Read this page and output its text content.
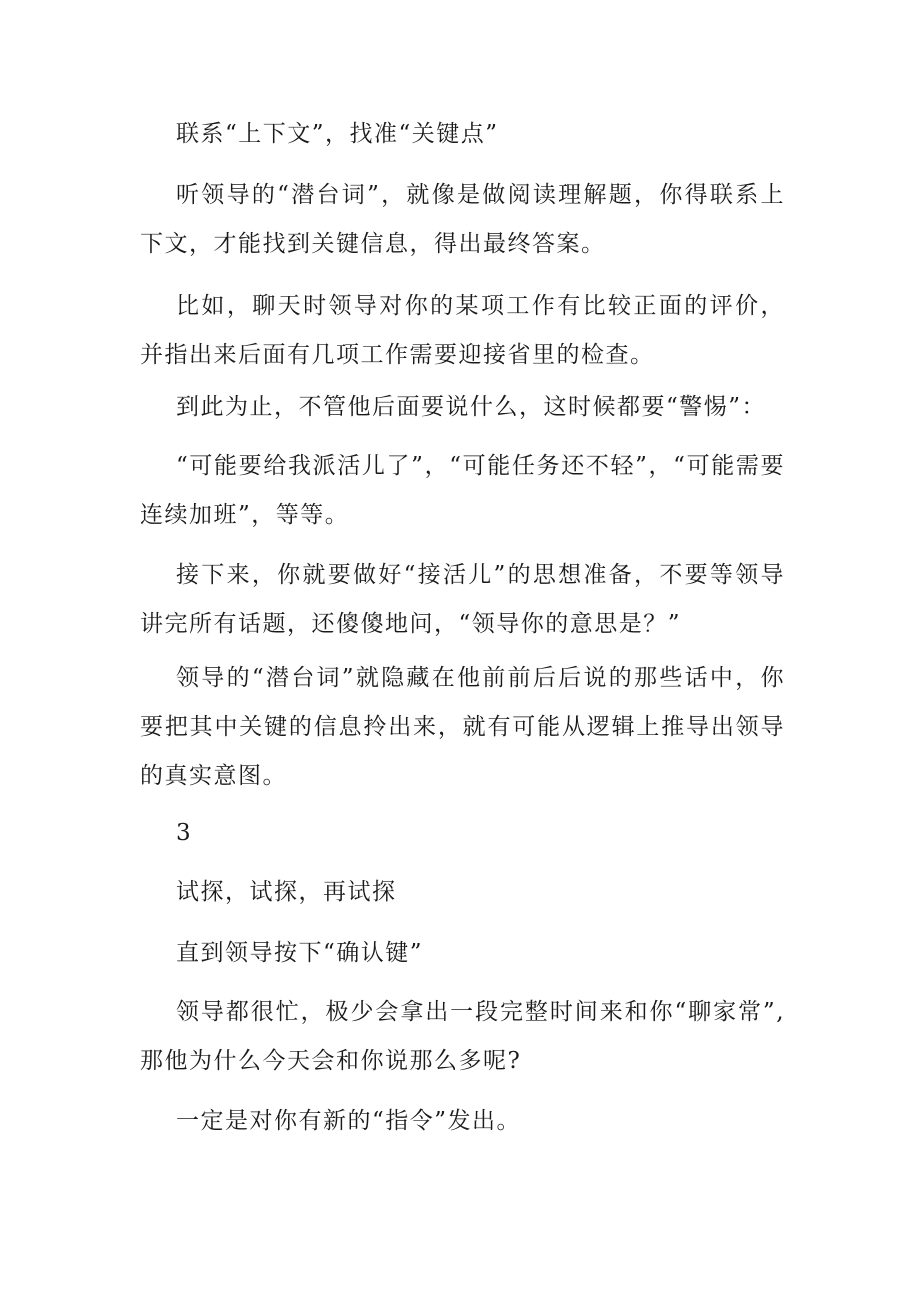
联系“上下文”，找准“关键点”

听领导的“潜台词”，就像是做阅读理解题，你得联系上下文，才能找到关键信息，得出最终答案。

比如，聊天时领导对你的某项工作有比较正面的评价，并指出来后面有几项工作需要迎接省里的检查。

到此为止，不管他后面要说什么，这时候都要“警惕”：

“可能要给我派活儿了”，“可能任务还不轻”，“可能需要连续加班”，等等。

接下来，你就要做好“接活儿”的思想准备，不要等领导讲完所有话题，还傻傻地问，“领导你的意思是？”

领导的“潜台词”就隐藏在他前前后后说的那些话中，你要把其中关键的信息拎出来，就有可能从逻辑上推导出领导的真实意图。

3

试探，试探，再试探

直到领导按下“确认键”

领导都很忙，极少会拿出一段完整时间来和你“聊家常”,那他为什么今天会和你说那么多呢?

一定是对你有新的“指令”发出。
